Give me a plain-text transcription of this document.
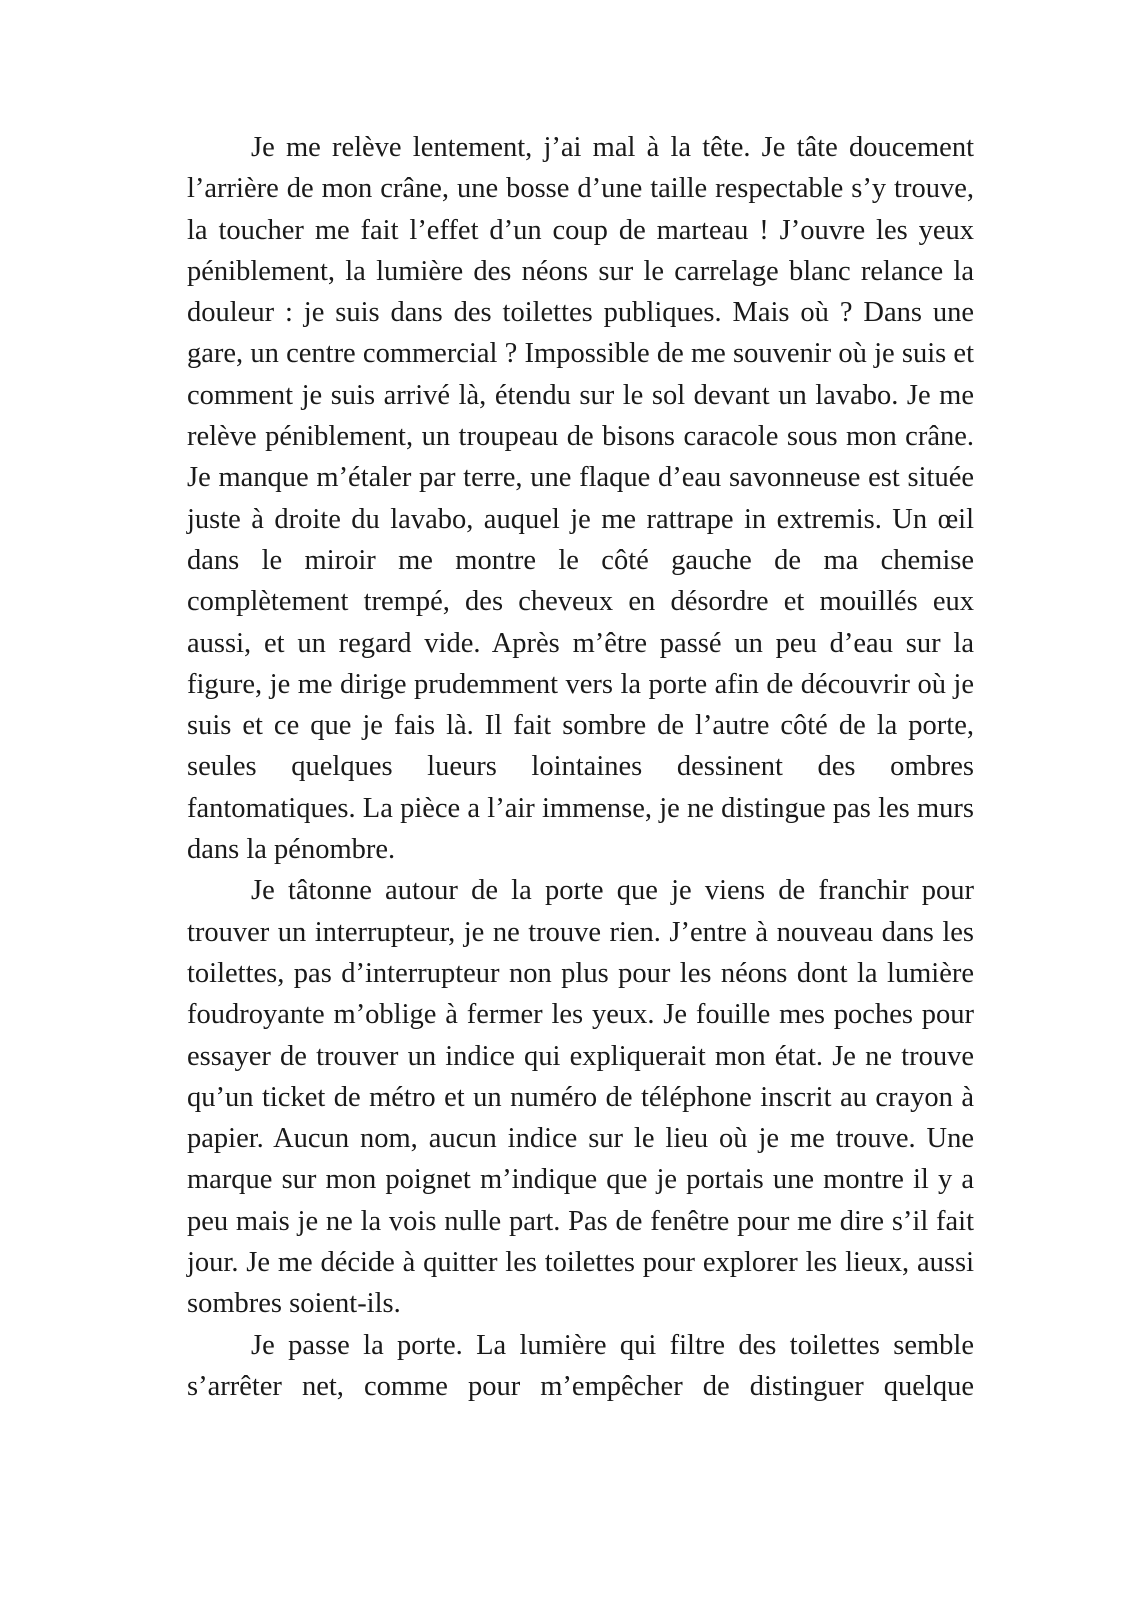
Je me relève lentement, j’ai mal à la tête. Je tâte doucement l’arrière de mon crâne, une bosse d’une taille respectable s’y trouve, la toucher me fait l’effet d’un coup de marteau ! J’ouvre les yeux péniblement, la lumière des néons sur le carrelage blanc relance la douleur : je suis dans des toilettes publiques. Mais où ? Dans une gare, un centre commercial ? Impossible de me souvenir où je suis et comment je suis arrivé là, étendu sur le sol devant un lavabo. Je me relève péniblement, un troupeau de bisons caracole sous mon crâne. Je manque m’étaler par terre, une flaque d’eau savonneuse est située juste à droite du lavabo, auquel je me rattrape in extremis. Un œil dans le miroir me montre le côté gauche de ma chemise complètement trempé, des cheveux en désordre et mouillés eux aussi, et un regard vide. Après m’être passé un peu d’eau sur la figure, je me dirige prudemment vers la porte afin de découvrir où je suis et ce que je fais là. Il fait sombre de l’autre côté de la porte, seules quelques lueurs lointaines dessinent des ombres fantomatiques. La pièce a l’air immense, je ne distingue pas les murs dans la pénombre.

Je tâtonne autour de la porte que je viens de franchir pour trouver un interrupteur, je ne trouve rien. J’entre à nouveau dans les toilettes, pas d’interrupteur non plus pour les néons dont la lumière foudroyante m’oblige à fermer les yeux. Je fouille mes poches pour essayer de trouver un indice qui expliquerait mon état. Je ne trouve qu’un ticket de métro et un numéro de téléphone inscrit au crayon à papier. Aucun nom, aucun indice sur le lieu où je me trouve. Une marque sur mon poignet m’indique que je portais une montre il y a peu mais je ne la vois nulle part. Pas de fenêtre pour me dire s’il fait jour. Je me décide à quitter les toilettes pour explorer les lieux, aussi sombres soient-ils.

Je passe la porte. La lumière qui filtre des toilettes semble s’arrêter net, comme pour m’empêcher de distinguer quelque
